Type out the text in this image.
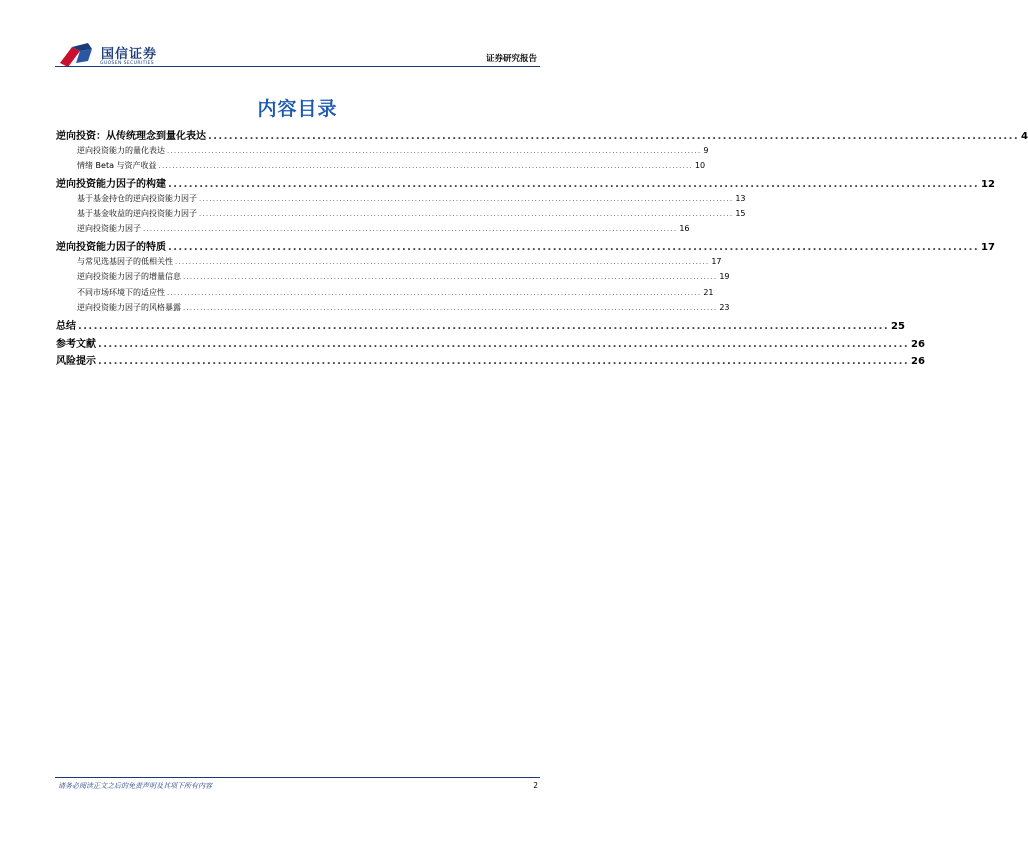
国信证券
GUOSEN SECURITIES	证券研究报告
内容目录
逆向投资：从传统理念到量化表达 ............................................................................................................................................................ 4
逆向投资能力的量化表达 ............................................................................................................................................................ 9
情绪 Beta 与资产收益 ............................................................................................................................................................ 10
逆向投资能力因子的构建 ............................................................................................................................................................ 12
基于基金持仓的逆向投资能力因子 ............................................................................................................................................................ 13
基于基金收益的逆向投资能力因子 ............................................................................................................................................................ 15
逆向投资能力因子 ............................................................................................................................................................ 16
逆向投资能力因子的特质 ............................................................................................................................................................ 17
与常见选基因子的低相关性 ............................................................................................................................................................ 17
逆向投资能力因子的增量信息 ............................................................................................................................................................ 19
不同市场环境下的适应性 ............................................................................................................................................................ 21
逆向投资能力因子的风格暴露 ............................................................................................................................................................ 23
总结 ............................................................................................................................................................ 25
参考文献 ............................................................................................................................................................ 26
风险提示 ............................................................................................................................................................ 26
请务必阅读正文之后的免责声明及其项下所有内容	2
